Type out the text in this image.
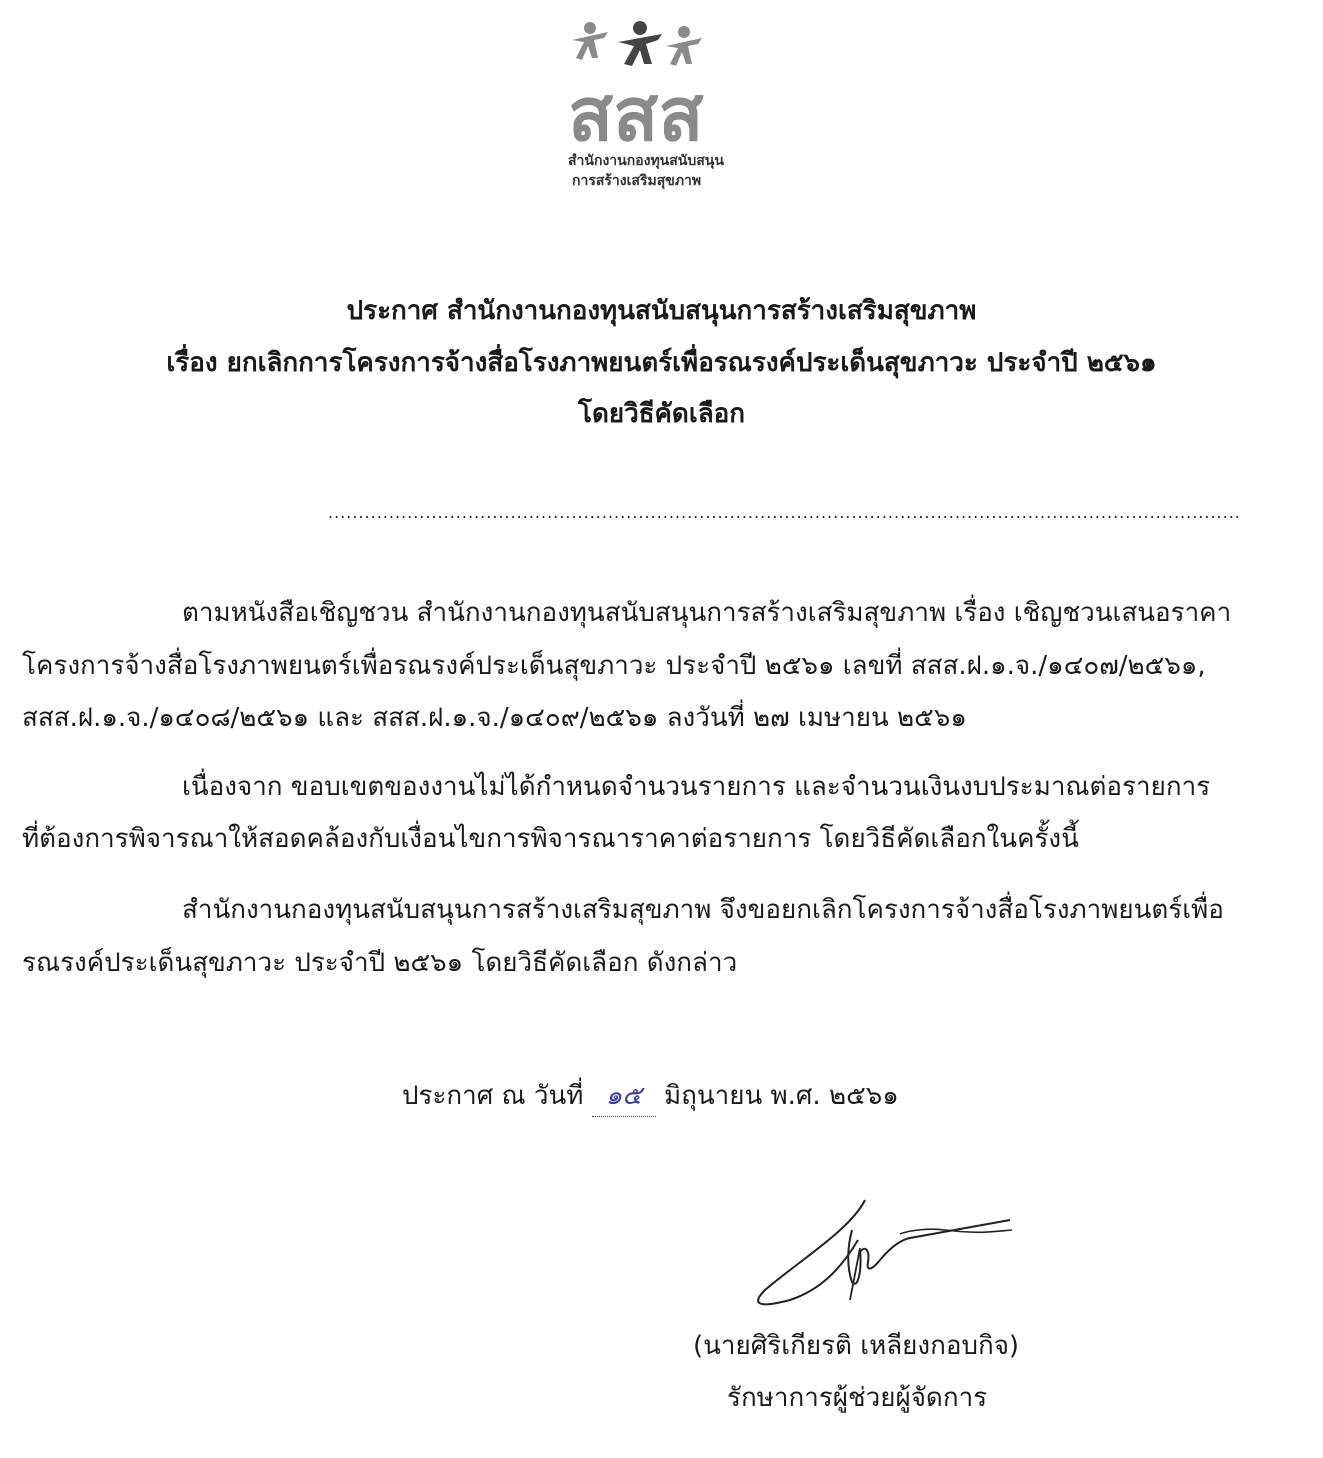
สสส
สำนักงานกองทุนสนับสนุน
การสร้างเสริมสุขภาพ
ประกาศ สำนักงานกองทุนสนับสนุนการสร้างเสริมสุขภาพ
เรื่อง ยกเลิกการโครงการจ้างสื่อโรงภาพยนตร์เพื่อรณรงค์ประเด็นสุขภาวะ ประจำปี ๒๕๖๑
โดยวิธีคัดเลือก
......................................................................................................................................................
ตามหนังสือเชิญชวน สำนักงานกองทุนสนับสนุนการสร้างเสริมสุขภาพ เรื่อง เชิญชวนเสนอราคา
โครงการจ้างสื่อโรงภาพยนตร์เพื่อรณรงค์ประเด็นสุขภาวะ ประจำปี ๒๕๖๑ เลขที่ สสส.ฝ.๑.จ./๑๔๐๗/๒๕๖๑,
สสส.ฝ.๑.จ./๑๔๐๘/๒๕๖๑ และ สสส.ฝ.๑.จ./๑๔๐๙/๒๕๖๑ ลงวันที่ ๒๗ เมษายน ๒๕๖๑
เนื่องจาก ขอบเขตของงานไม่ได้กำหนดจำนวนรายการ และจำนวนเงินงบประมาณต่อรายการ
ที่ต้องการพิจารณาให้สอดคล้องกับเงื่อนไขการพิจารณาราคาต่อรายการ โดยวิธีคัดเลือกในครั้งนี้
สำนักงานกองทุนสนับสนุนการสร้างเสริมสุขภาพ จึงขอยกเลิกโครงการจ้างสื่อโรงภาพยนตร์เพื่อ
รณรงค์ประเด็นสุขภาวะ ประจำปี ๒๕๖๑ โดยวิธีคัดเลือก ดังกล่าว
ประกาศ ณ วันที่ ๑๕ มิถุนายน พ.ศ. ๒๕๖๑
(นายศิริเกียรติ เหลียงกอบกิจ)
รักษาการผู้ช่วยผู้จัดการ
